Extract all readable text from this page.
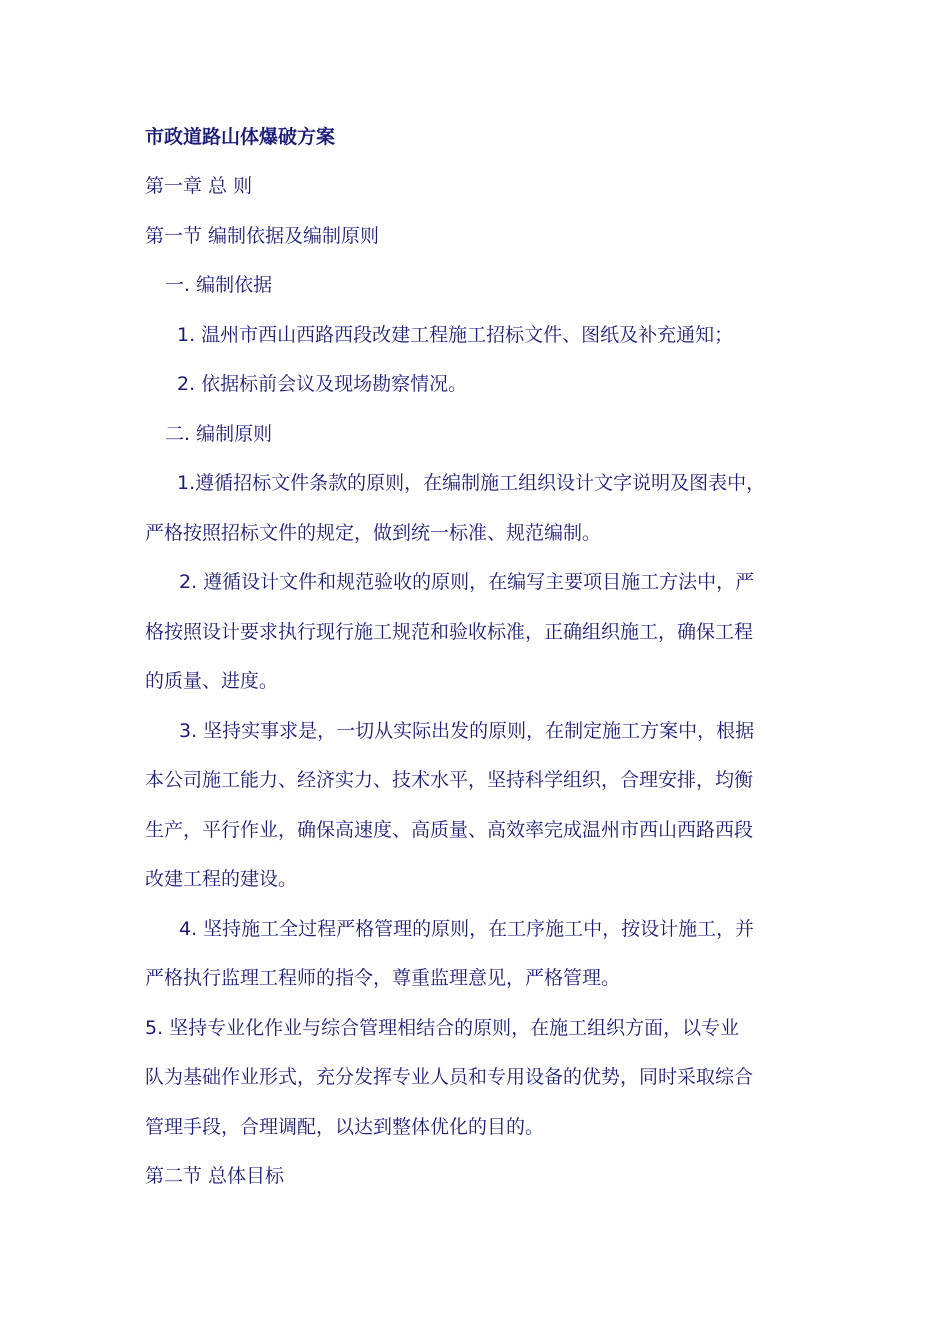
市政道路山体爆破方案

第一章 总 则

第一节 编制依据及编制原则

一. 编制依据

1. 温州市西山西路西段改建工程施工招标文件、图纸及补充通知；

2. 依据标前会议及现场勘察情况。

二. 编制原则

1.遵循招标文件条款的原则，在编制施工组织设计文字说明及图表中，
严格按照招标文件的规定，做到统一标准、规范编制。

2. 遵循设计文件和规范验收的原则，在编写主要项目施工方法中，严
格按照设计要求执行现行施工规范和验收标准，正确组织施工，确保工程
的质量、进度。

3. 坚持实事求是，一切从实际出发的原则，在制定施工方案中，根据
本公司施工能力、经济实力、技术水平，坚持科学组织，合理安排，均衡
生产，平行作业，确保高速度、高质量、高效率完成温州市西山西路西段
改建工程的建设。

4. 坚持施工全过程严格管理的原则，在工序施工中，按设计施工，并
严格执行监理工程师的指令，尊重监理意见，严格管理。

5. 坚持专业化作业与综合管理相结合的原则，在施工组织方面，以专业
队为基础作业形式，充分发挥专业人员和专用设备的优势，同时采取综合
管理手段，合理调配，以达到整体优化的目的。

第二节 总体目标
